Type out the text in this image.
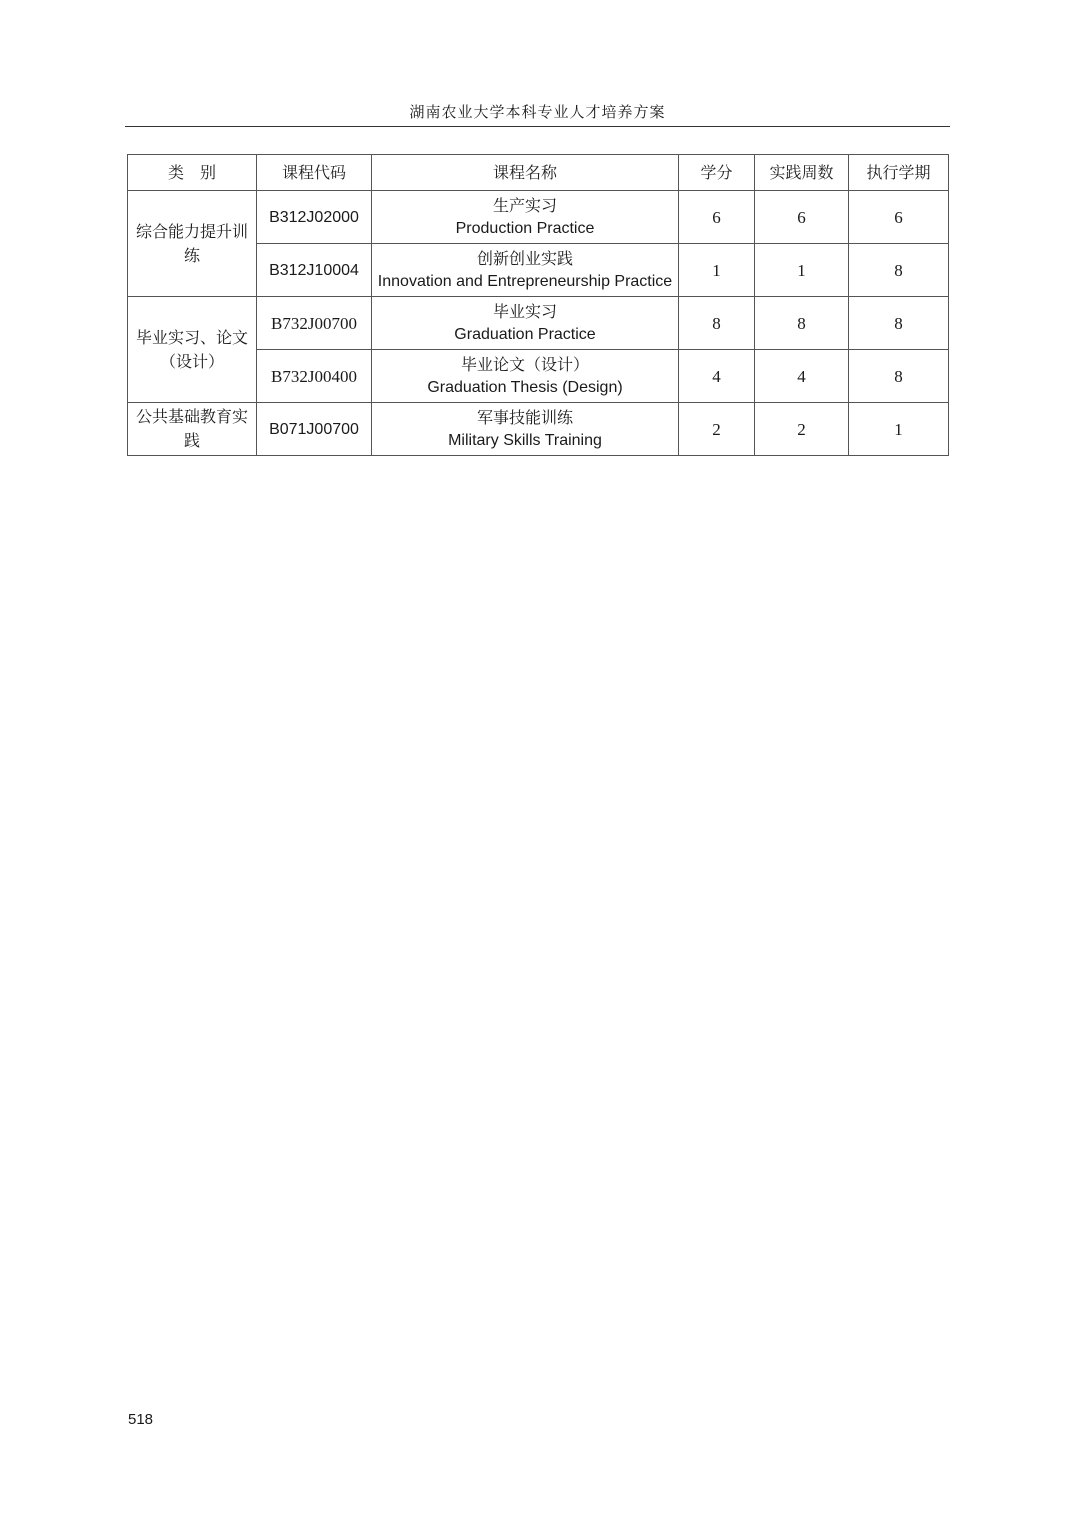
湖南农业大学本科专业人才培养方案
类　别	课程代码	课程名称	学分	实践周数	执行学期

综合能力提升训练	B312J02000	生产实习
Production Practice	6	6	6
	B312J10004	创新创业实践
Innovation and Entrepreneurship Practice	1	1	8

毕业实习、论文（设计）	B732J00700	毕业实习
Graduation Practice	8	8	8
	B732J00400	毕业论文（设计）
Graduation Thesis (Design)	4	4	8

公共基础教育实践	B071J00700	军事技能训练
Military Skills Training	2	2	1
518
